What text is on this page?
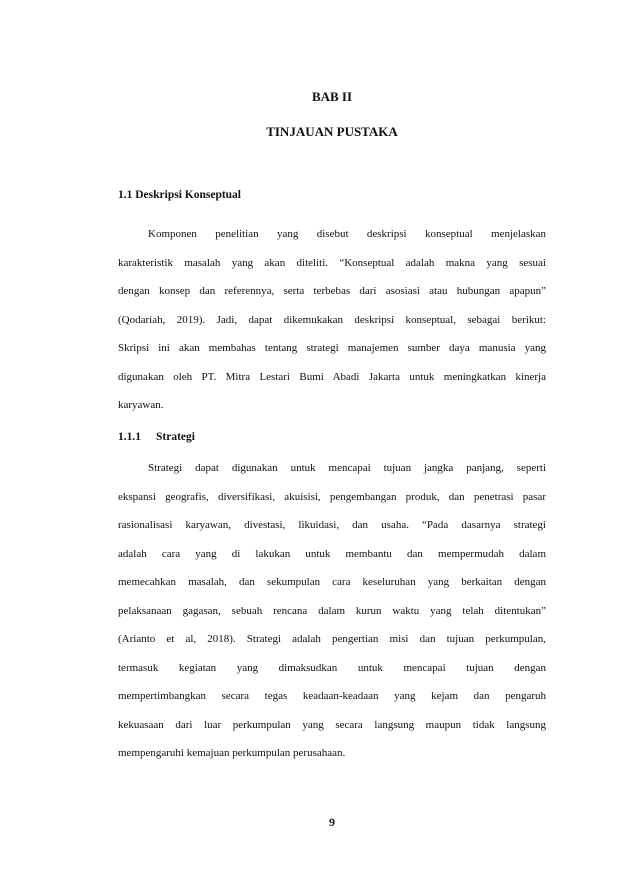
BAB II
TINJAUAN PUSTAKA
1.1 Deskripsi Konseptual
Komponen penelitian yang disebut deskripsi konseptual menjelaskan
karakteristik masalah yang akan diteliti. “Konseptual adalah makna yang sesuai
dengan konsep dan referennya, serta terbebas dari asosiasi atau hubungan apapun”
(Qodariah, 2019). Jadi, dapat dikemukakan deskripsi konseptual, sebagai berikut:
Skripsi ini akan membahas tentang strategi manajemen sumber daya manusia yang
digunakan oleh PT. Mitra Lestari Bumi Abadi Jakarta untuk meningkatkan kinerja
karyawan.
1.1.1 Strategi
Strategi dapat digunakan untuk mencapai tujuan jangka panjang, seperti
ekspansi geografis, diversifikasi, akuisisi, pengembangan produk, dan penetrasi pasar
rasionalisasi karyawan, divestasi, likuidasi, dan usaha. “Pada dasarnya strategi
adalah cara yang di lakukan untuk membantu dan mempermudah dalam
memecahkan masalah, dan sekumpulan cara keseluruhan yang berkaitan dengan
pelaksanaan gagasan, sebuah rencana dalam kurun waktu yang telah ditentukan”
(Arianto et al, 2018). Strategi adalah pengertian misi dan tujuan perkumpulan,
termasuk kegiatan yang dimaksudkan untuk mencapai tujuan dengan
mempertimbangkan secara tegas keadaan-keadaan yang kejam dan pengaruh
kekuasaan dari luar perkumpulan yang secara langsung maupun tidak langsung
mempengaruhi kemajuan perkumpulan perusahaan.
9
